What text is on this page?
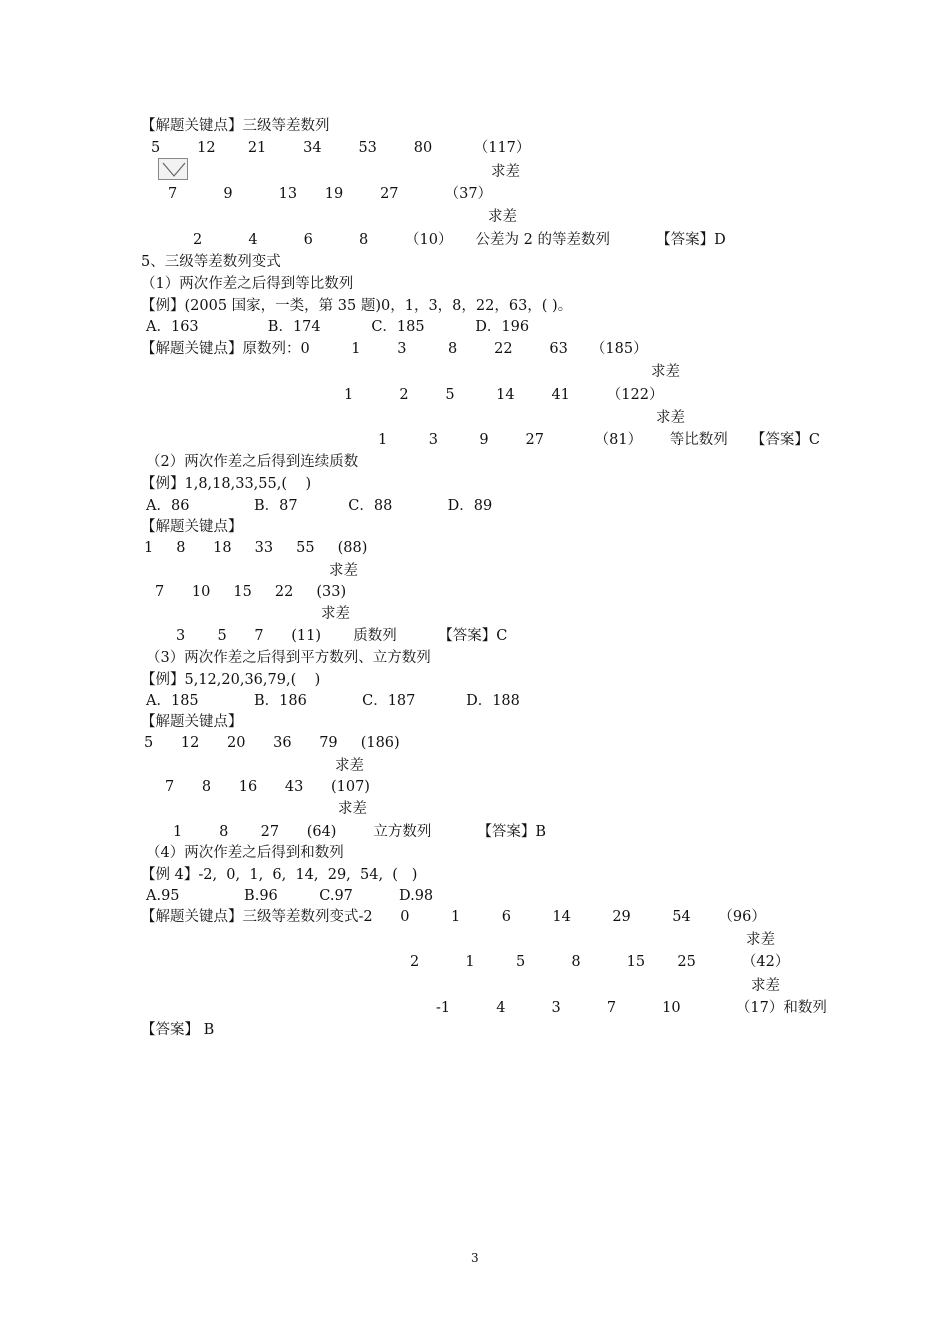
【解题关键点】三级等差数列
5        12       21        34        53        80         （117）
求差
7          9          13      19        27          （37）
求差
2          4          6          8        （10）     公差为 2 的等差数列          【答案】D
5、三级等差数列变式
（1）两次作差之后得到等比数列
【例】(2005 国家，一类，第 35 题)0，1，3，8，22，63，( )。
A．163               B．174           C．185           D．196
【解题关键点】原数列：0         1        3         8        22        63     （185）
求差
1          2        5         14        41        （122）
求差
1         3         9        27           （81）      等比数列     【答案】C
（2）两次作差之后得到连续质数
【例】1,8,18,33,55,(    )
A．86              B．87           C．88            D．89
【解题关键点】
1     8      18     33     55     (88)
求差
7      10     15     22     (33)
求差
3       5      7      (11)       质数列         【答案】C
（3）两次作差之后得到平方数列、立方数列
【例】5,12,20,36,79,(    )
A．185            B．186            C．187           D．188
【解题关键点】
5      12      20      36      79     (186)
求差
7      8      16      43      (107)
求差
1        8       27      (64)        立方数列          【答案】B
（4）两次作差之后得到和数列
【例 4】-2,  0,  1,  6,  14,  29,  54,  (   )
A.95              B.96         C.97          D.98
【解题关键点】三级等差数列变式-2      0         1         6         14         29         54      （96）
求差
2          1         5          8          15       25          （42）
求差
-1          4          3          7          10            （17）和数列
【答案】 B
3
